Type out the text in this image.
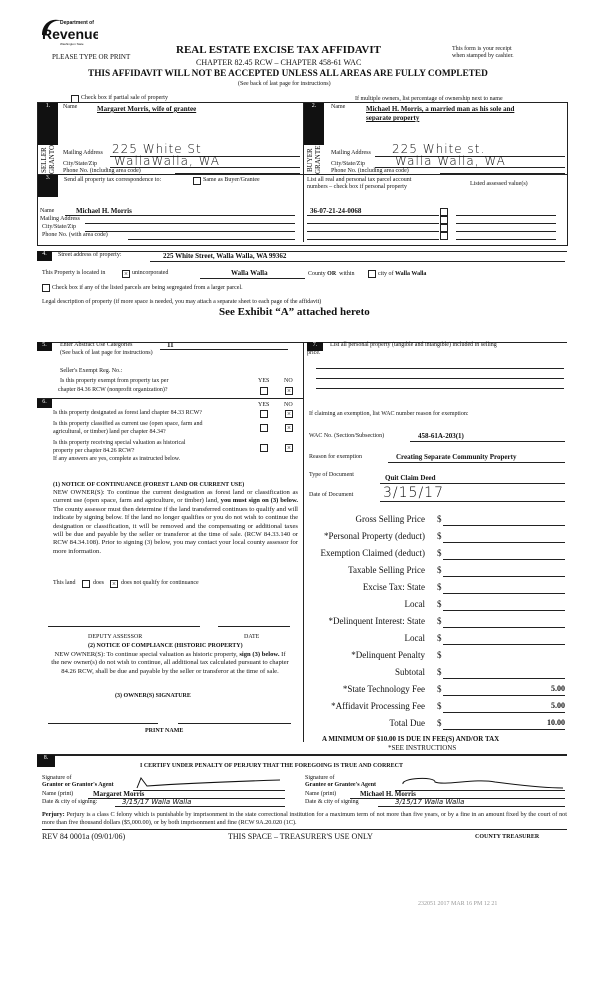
Department of
Revenue
Washington State
PLEASE TYPE OR PRINT
REAL ESTATE EXCISE TAX AFFIDAVIT
CHAPTER 82.45 RCW – CHAPTER 458-61 WAC
This form is your receipt
when stamped by cashier.
THIS AFFIDAVIT WILL NOT BE ACCEPTED UNLESS ALL AREAS ARE FULLY COMPLETED
(See back of last page for instructions)
Check box if partial sale of property	If multiple owners, list percentage of ownership next to name
1.
SELLER GRANTOR
Name	Margaret Morris, wife of grantee
Mailing Address 225 White St
City/State/Zip WallaWalla, WA
Phone No. (including area code)
2.
BUYER GRANTEE
Name	Michael H. Morris, a married man as his sole and
separate property
Mailing Address 225 White st.
City/State/Zip	Walla Walla, WA
Phone No. (including area code)
3.	Send all property tax correspondence to:	Same as Buyer/Grantee
Name	Michael H. Morris
Mailing Address
City/State/Zip
Phone No. (with area code)
List all real and personal tax parcel account
numbers – check box if personal property	Listed assessed value(s)
36-07-21-24-0068
4.	Street address of property:	225 White Street, Walla Walla, WA 99362
This Property is located in	× unincorporated	Walla Walla	County OR within	city of Walla Walla
Check box if any of the listed parcels are being segregated from a larger parcel.
Legal description of property (if more space is needed, you may attach a separate sheet to each page of the affidavit)
See Exhibit “A” attached hereto
5.	Enter Abstract Use Categories	11
(See back of last page for instructions)
Seller's Exempt Reg. No.:
Is this property exempt from property tax per
chapter 84.36 RCW (nonprofit organization)?
YES NO
×
7.	List all personal property (tangible and intangible) included in selling
price.
6.	YES NO
Is this property designated as forest land chapter 84.33 RCW?	×
Is this property classified as current use (open space, farm and
agricultural, or timber) land per chapter 84.34?	×
Is this property receiving special valuation as historical
property per chapter 84.26 RCW?	×
If any answers are yes, complete as instructed below.
(1) NOTICE OF CONTINUANCE (FOREST LAND OR CURRENT USE)
NEW OWNER(S): To continue the current designation as forest land or classification as current use (open space, farm and agriculture, or timber) land, you must sign on (3) below. The county assessor must then determine if the land transferred continues to qualify and will indicate by signing below. If the land no longer qualifies or you do not wish to continue the designation or classification, it will be removed and the compensating or additional taxes will be due and payable by the seller or transferor at the time of sale. (RCW 84.33.140 or RCW 84.34.108). Prior to signing (3) below, you may contact your local county assessor for more information.
This land	does × does not qualify for continuance
DEPUTY ASSESSOR	DATE
(2) NOTICE OF COMPLIANCE (HISTORIC PROPERTY)
NEW OWNER(S): To continue special valuation as historic property, sign (3) below. If the new owner(s) do not wish to continue, all additional tax calculated pursuant to chapter 84.26 RCW, shall be due and payable by the seller or transferor at the time of sale.
(3) OWNER(S) SIGNATURE
PRINT NAME
If claiming an exemption, list WAC number reason for exemption:
WAC No. (Section/Subsection)	458-61A-203(1)
Reason for exemption	Creating Separate Community Property
Type of Document	Quit Claim Deed
Date of Document 3/15/17
Gross Selling Price $
*Personal Property (deduct) $
Exemption Claimed (deduct) $
Taxable Selling Price $
Excise Tax: State $
Local $
*Delinquent Interest: State $
Local $
*Delinquent Penalty $
Subtotal $
*State Technology Fee $	5.00
*Affidavit Processing Fee $	5.00
Total Due $	10.00
A MINIMUM OF $10.00 IS DUE IN FEE(S) AND/OR TAX
*SEE INSTRUCTIONS
8.
I CERTIFY UNDER PENALTY OF PERJURY THAT THE FOREGOING IS TRUE AND CORRECT
Signature of
Grantor or Grantor's Agent
Name (print)	Margaret Morris
Date & city of signing:	3/15/17 Walla Walla
Signature of
Grantee or Grantee's Agent
Name (print)	Michael H. Morris
Date & city of signing	3/15/17 Walla Walla
Perjury: Perjury is a class C felony which is punishable by imprisonment in the state correctional institution for a maximum term of not more than five years, or by a fine in an amount fixed by the court of not more than five thousand dollars ($5,000.00), or by both imprisonment and fine (RCW 9A.20.020 (1C).
REV 84 0001a (09/01/06)	THIS SPACE – TREASURER'S USE ONLY	COUNTY TREASURER
232051 2017 MAR 16 PM 12 21
